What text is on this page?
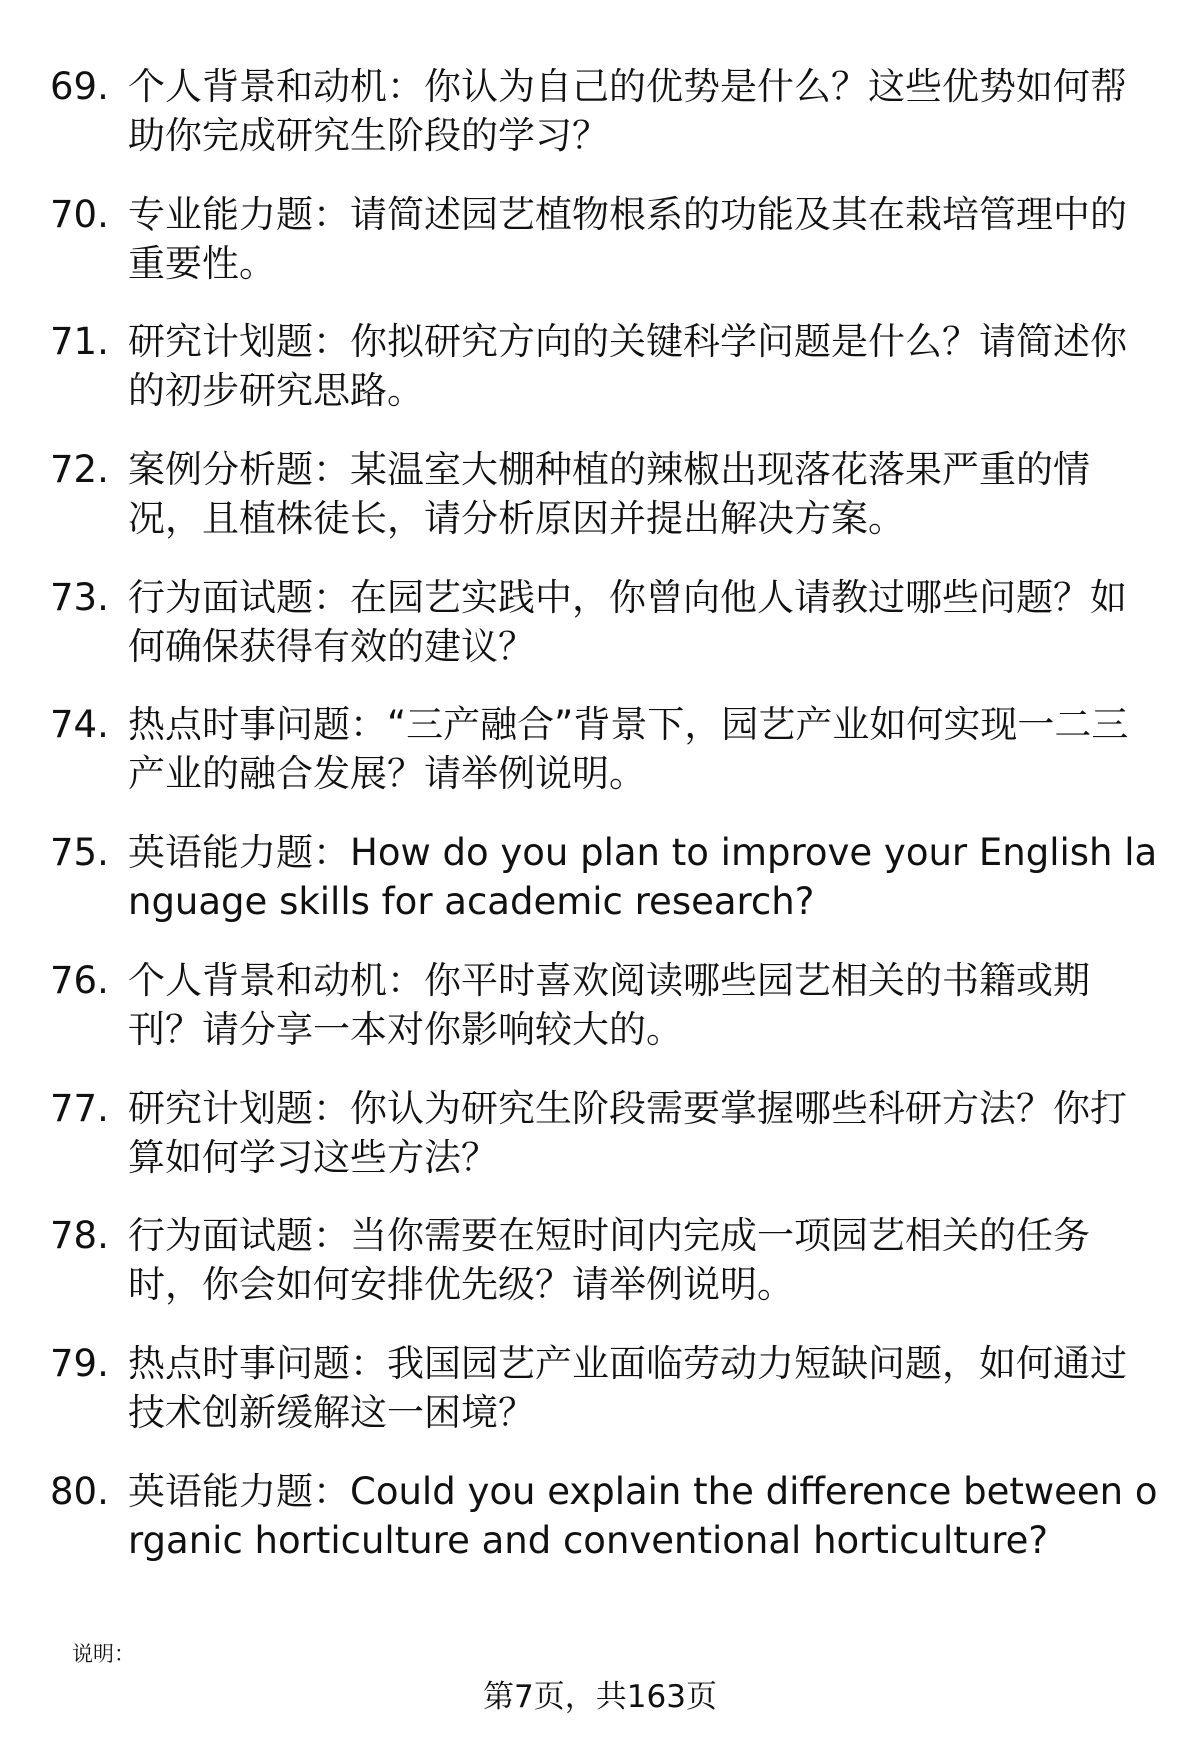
69. 个人背景和动机：你认为自己的优势是什么？这些优势如何帮助你完成研究生阶段的学习？
70. 专业能力题：请简述园艺植物根系的功能及其在栽培管理中的重要性。
71. 研究计划题：你拟研究方向的关键科学问题是什么？请简述你的初步研究思路。
72. 案例分析题：某温室大棚种植的辣椒出现落花落果严重的情况，且植株徒长，请分析原因并提出解决方案。
73. 行为面试题：在园艺实践中，你曾向他人请教过哪些问题？如何确保获得有效的建议？
74. 热点时事问题：“三产融合”背景下，园艺产业如何实现一二三产业的融合发展？请举例说明。
75. 英语能力题：How do you plan to improve your English language skills for academic research?
76. 个人背景和动机：你平时喜欢阅读哪些园艺相关的书籍或期刊？请分享一本对你影响较大的。
77. 研究计划题：你认为研究生阶段需要掌握哪些科研方法？你打算如何学习这些方法？
78. 行为面试题：当你需要在短时间内完成一项园艺相关的任务时，你会如何安排优先级？请举例说明。
79. 热点时事问题：我国园艺产业面临劳动力短缺问题，如何通过技术创新缓解这一困境？
80. 英语能力题：Could you explain the difference between organic horticulture and conventional horticulture?
说明：
第7页，共163页
